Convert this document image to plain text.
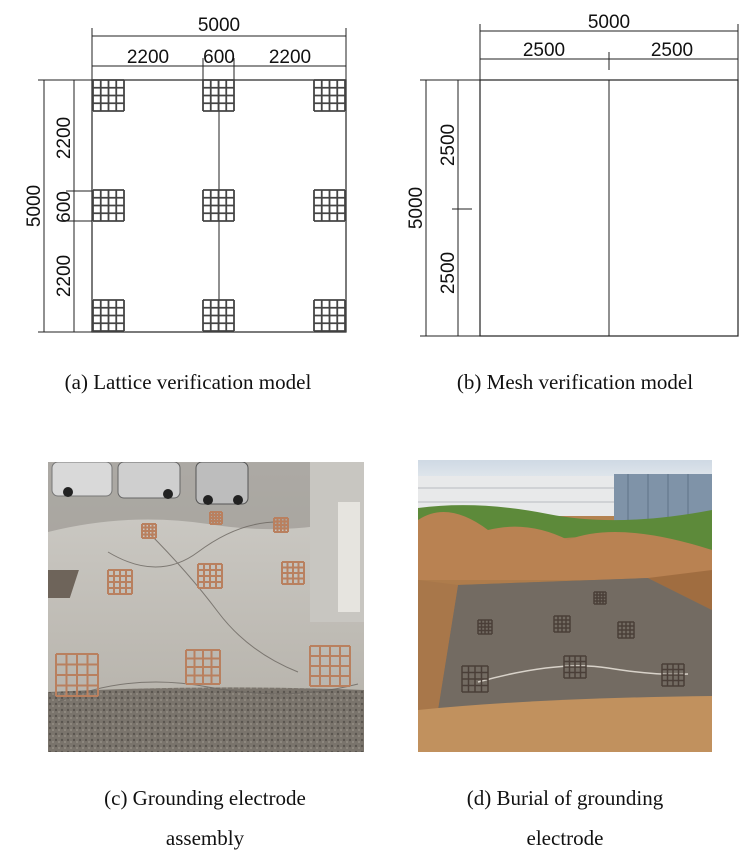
5000
2200 600 2200
5000
2200
600
2200
(a) Lattice verification model
5000
2500	2500
5000
2500
2500
(b) Mesh verification model
(c) Grounding electrode
assembly
(d) Burial of grounding
electrode
